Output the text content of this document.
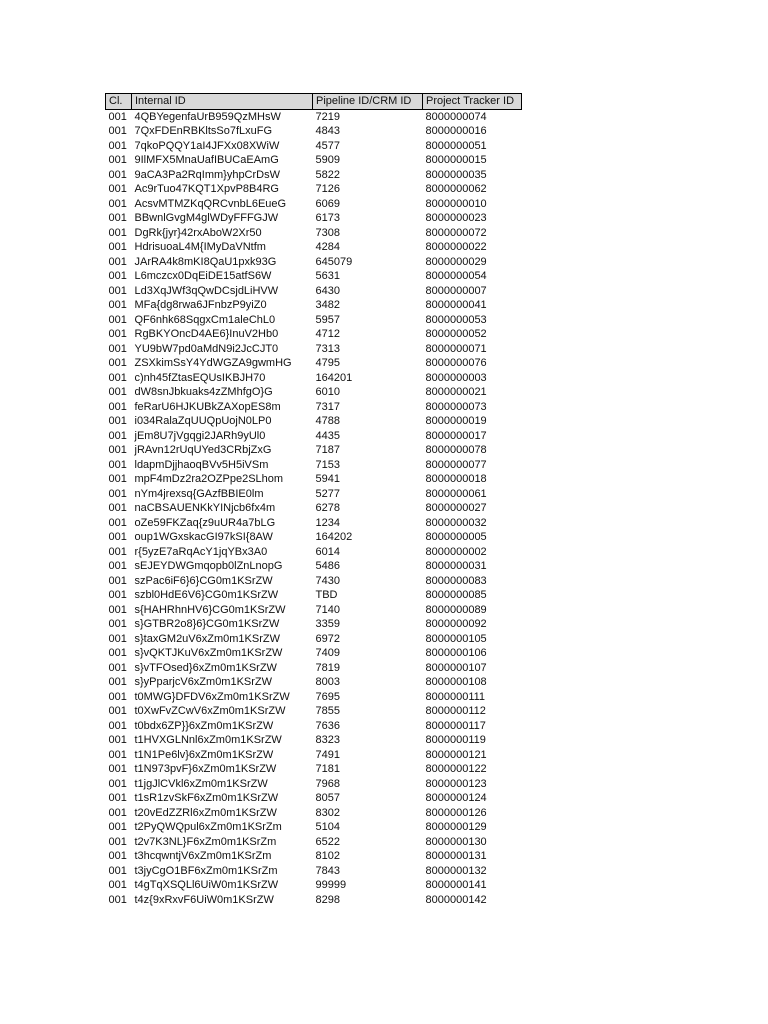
Cl.	Internal ID	Pipeline ID/CRM ID	Project Tracker ID
001	4QBYegenfaUrB959QzMHsW	7219	8000000074
001	7QxFDEnRBKltsSo7fLxuFG	4843	8000000016
001	7qkoPQQY1aI4JFXx08XWiW	4577	8000000051
001	9IlMFX5MnaUafIBUCaEAmG	5909	8000000015
001	9aCA3Pa2RqImm}yhpCrDsW	5822	8000000035
001	Ac9rTuo47KQT1XpvP8B4RG	7126	8000000062
001	AcsvMTMZKqQRCvnbL6EueG	6069	8000000010
001	BBwnlGvgM4glWDyFFFGJW	6173	8000000023
001	DgRk{jyr}42rxAboW2Xr50	7308	8000000072
001	HdrisuoaL4M{IMyDaVNtfm	4284	8000000022
001	JArRA4k8mKI8QaU1pxk93G	645079	8000000029
001	L6mczcx0DqEiDE15atfS6W	5631	8000000054
001	Ld3XqJWf3qQwDCsjdLiHVW	6430	8000000007
001	MFa{dg8rwa6JFnbzP9yiZ0	3482	8000000041
001	QF6nhk68SqgxCm1aleChL0	5957	8000000053
001	RgBKYOncD4AE6}InuV2Hb0	4712	8000000052
001	YU9bW7pd0aMdN9i2JcCJT0	7313	8000000071
001	ZSXkimSsY4YdWGZA9gwmHG	4795	8000000076
001	c)nh45fZtasEQUsIKBJH70	164201	8000000003
001	dW8snJbkuaks4zZMhfgO}G	6010	8000000021
001	feRarU6HJKUBkZAXopES8m	7317	8000000073
001	i034RalaZqUUQpUojN0LP0	4788	8000000019
001	jEm8U7jVgqgi2JARh9yUl0	4435	8000000017
001	jRAvn12rUqUYed3CRbjZxG	7187	8000000078
001	ldapmDjjhaoqBVv5H5iVSm	7153	8000000077
001	mpF4mDz2ra2OZPpe2SLhom	5941	8000000018
001	nYm4jrexsq{GAzfBBIE0lm	5277	8000000061
001	naCBSAUENKkYINjcb6fx4m	6278	8000000027
001	oZe59FKZaq{z9uUR4a7bLG	1234	8000000032
001	oup1WGxskacGI97kSI{8AW	164202	8000000005
001	r{5yzE7aRqAcY1jqYBx3A0	6014	8000000002
001	sEJEYDWGmqopb0lZnLnopG	5486	8000000031
001	szPac6iF6}6}CG0m1KSrZW	7430	8000000083
001	szbl0HdE6V6}CG0m1KSrZW	TBD	8000000085
001	s{HAHRhnHV6}CG0m1KSrZW	7140	8000000089
001	s}GTBR2o8}6}CG0m1KSrZW	3359	8000000092
001	s}taxGM2uV6xZm0m1KSrZW	6972	8000000105
001	s}vQKTJKuV6xZm0m1KSrZW	7409	8000000106
001	s}vTFOsed}6xZm0m1KSrZW	7819	8000000107
001	s}yPparjcV6xZm0m1KSrZW	8003	8000000108
001	t0MWG}DFDV6xZm0m1KSrZW	7695	8000000111
001	t0XwFvZCwV6xZm0m1KSrZW	7855	8000000112
001	t0bdx6ZP}}6xZm0m1KSrZW	7636	8000000117
001	t1HVXGLNnl6xZm0m1KSrZW	8323	8000000119
001	t1N1Pe6lv}6xZm0m1KSrZW	7491	8000000121
001	t1N973pvF}6xZm0m1KSrZW	7181	8000000122
001	t1jgJlCVkl6xZm0m1KSrZW	7968	8000000123
001	t1sR1zvSkF6xZm0m1KSrZW	8057	8000000124
001	t20vEdZZRl6xZm0m1KSrZW	8302	8000000126
001	t2PyQWQpul6xZm0m1KSrZm	5104	8000000129
001	t2v7K3NL}F6xZm0m1KSrZm	6522	8000000130
001	t3hcqwntjV6xZm0m1KSrZm	8102	8000000131
001	t3jyCgO1BF6xZm0m1KSrZm	7843	8000000132
001	t4gTqXSQLl6UiW0m1KSrZW	99999	8000000141
001	t4z{9xRxvF6UiW0m1KSrZW	8298	8000000142
